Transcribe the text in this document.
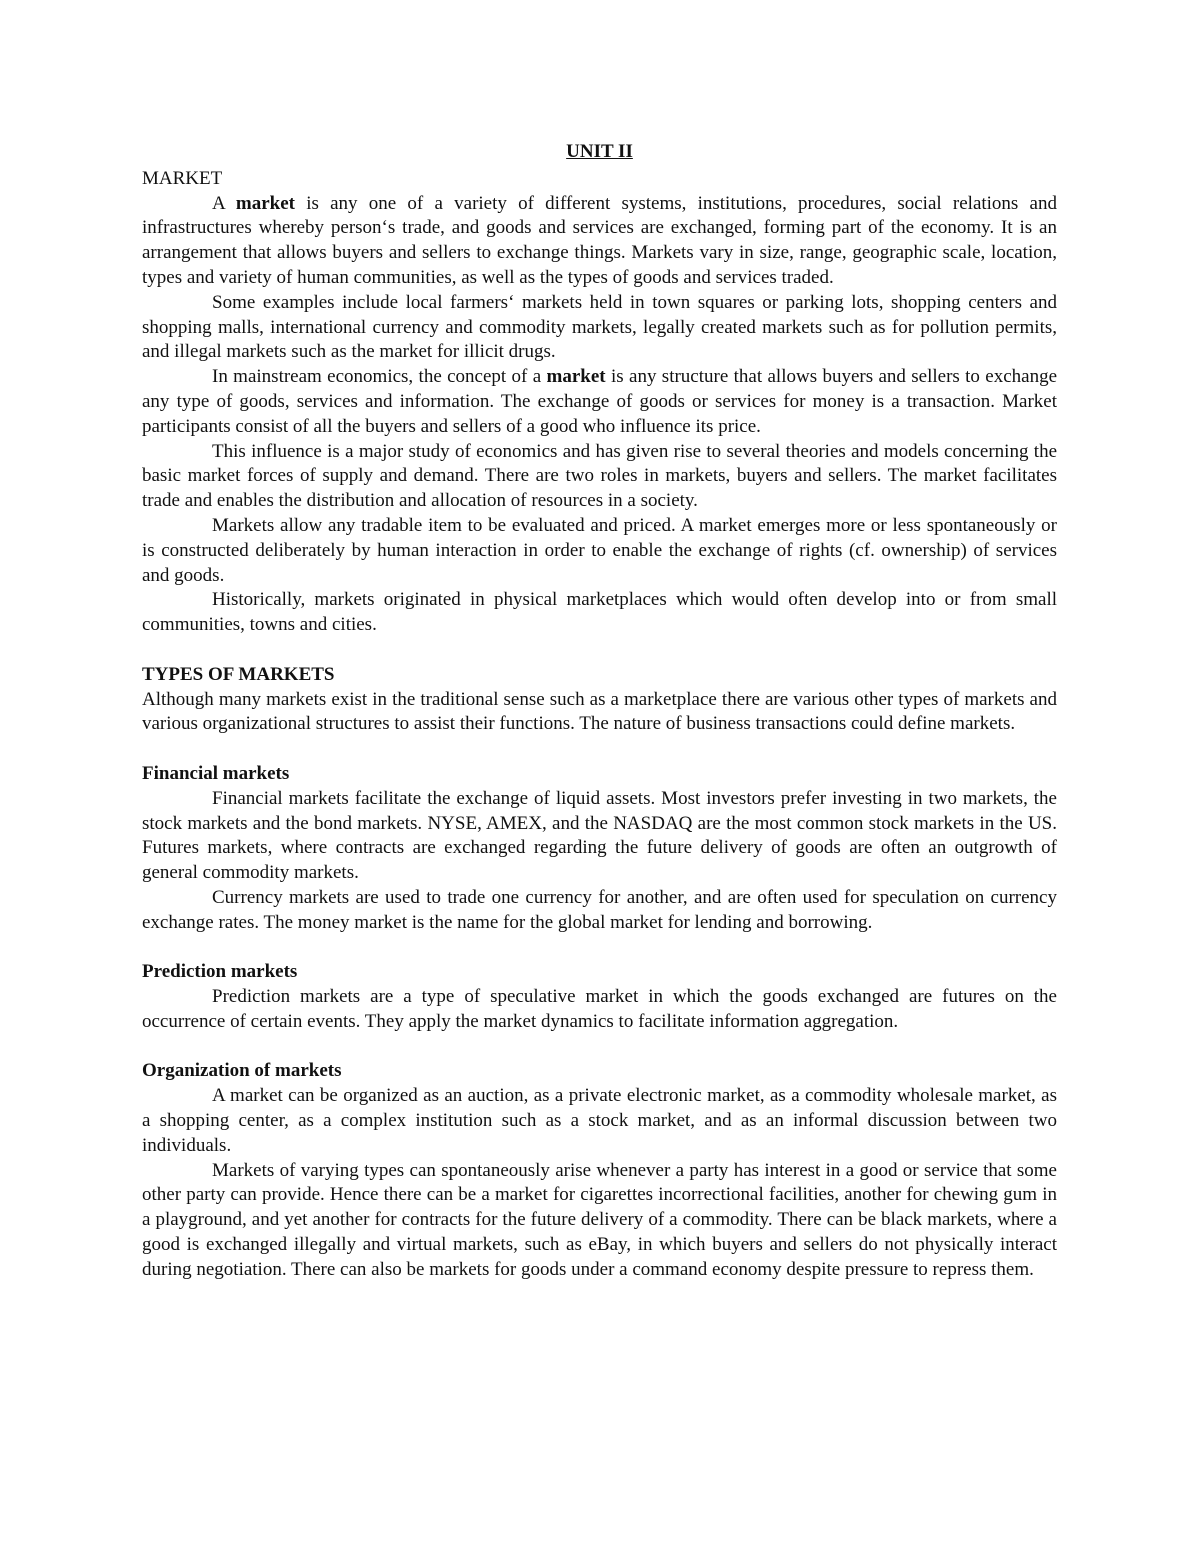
UNIT II
MARKET

A market is any one of a variety of different systems, institutions, procedures, social relations and infrastructures whereby person‘s trade, and goods and services are exchanged, forming part of the economy. It is an arrangement that allows buyers and sellers to exchange things. Markets vary in size, range, geographic scale, location, types and variety of human communities, as well as the types of goods and services traded.

Some examples include local farmers‘ markets held in town squares or parking lots, shopping centers and shopping malls, international currency and commodity markets, legally created markets such as for pollution permits, and illegal markets such as the market for illicit drugs.

In mainstream economics, the concept of a market is any structure that allows buyers and sellers to exchange any type of goods, services and information. The exchange of goods or services for money is a transaction. Market participants consist of all the buyers and sellers of a good who influence its price.

This influence is a major study of economics and has given rise to several theories and models concerning the basic market forces of supply and demand. There are two roles in markets, buyers and sellers. The market facilitates trade and enables the distribution and allocation of resources in a society.

Markets allow any tradable item to be evaluated and priced. A market emerges more or less spontaneously or is constructed deliberately by human interaction in order to enable the exchange of rights (cf. ownership) of services and goods.

Historically, markets originated in physical marketplaces which would often develop into or from small communities, towns and cities.

TYPES OF MARKETS

Although many markets exist in the traditional sense such as a marketplace there are various other types of markets and various organizational structures to assist their functions. The nature of business transactions could define markets.

Financial markets

Financial markets facilitate the exchange of liquid assets. Most investors prefer investing in two markets, the stock markets and the bond markets. NYSE, AMEX, and the NASDAQ are the most common stock markets in the US. Futures markets, where contracts are exchanged regarding the future delivery of goods are often an outgrowth of general commodity markets.

Currency markets are used to trade one currency for another, and are often used for speculation on currency exchange rates. The money market is the name for the global market for lending and borrowing.

Prediction markets

Prediction markets are a type of speculative market in which the goods exchanged are futures on the occurrence of certain events. They apply the market dynamics to facilitate information aggregation.

Organization of markets

A market can be organized as an auction, as a private electronic market, as a commodity wholesale market, as a shopping center, as a complex institution such as a stock market, and as an informal discussion between two individuals.

Markets of varying types can spontaneously arise whenever a party has interest in a good or service that some other party can provide. Hence there can be a market for cigarettes incorrectional facilities, another for chewing gum in a playground, and yet another for contracts for the future delivery of a commodity. There can be black markets, where a good is exchanged illegally and virtual markets, such as eBay, in which buyers and sellers do not physically interact during negotiation. There can also be markets for goods under a command economy despite pressure to repress them.
